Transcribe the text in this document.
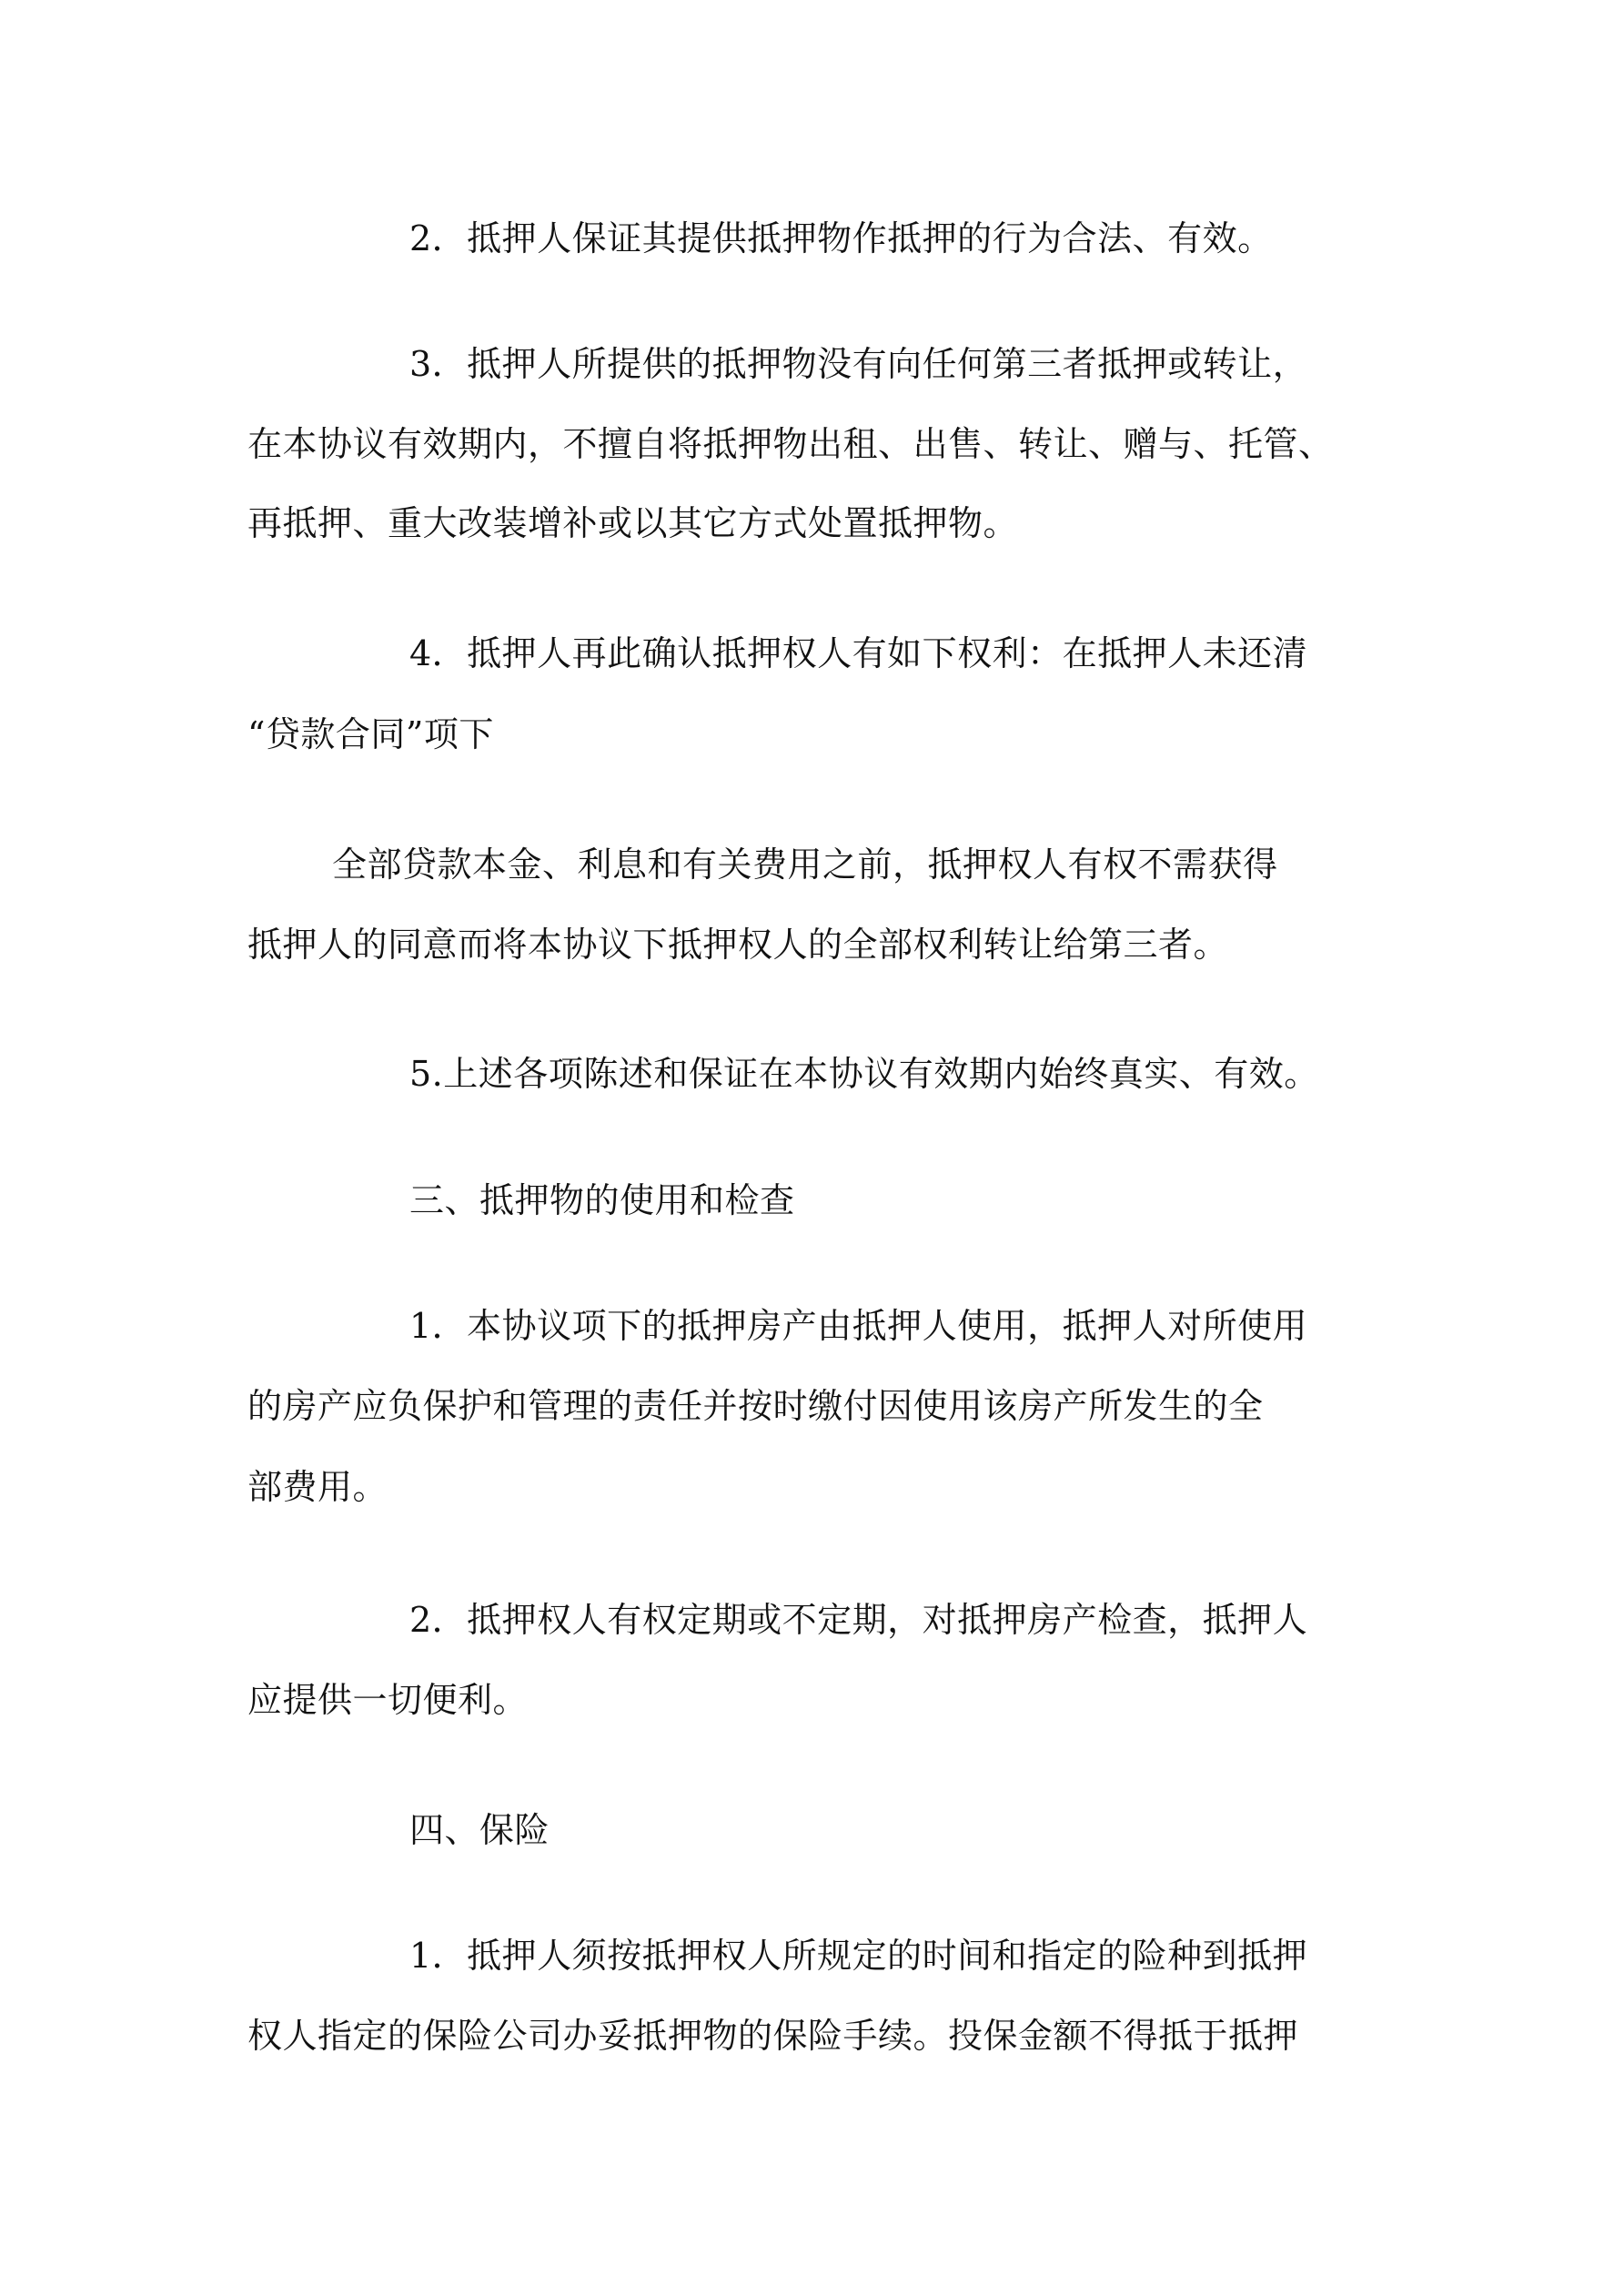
2．抵押人保证其提供抵押物作抵押的行为合法、有效。
3．抵押人所提供的抵押物没有向任何第三者抵押或转让，
在本协议有效期内，不擅自将抵押物出租、出售、转让、赠与、托管、
再抵押、重大改装增补或以其它方式处置抵押物。
4．抵押人再此确认抵押权人有如下权利：在抵押人未还清
“贷款合同”项下
全部贷款本金、利息和有关费用之前，抵押权人有权不需获得
抵押人的同意而将本协议下抵押权人的全部权利转让给第三者。
5.上述各项陈述和保证在本协议有效期内始终真实、有效。
三、抵押物的使用和检查
1．本协议项下的抵押房产由抵押人使用，抵押人对所使用
的房产应负保护和管理的责任并按时缴付因使用该房产所发生的全
部费用。
2．抵押权人有权定期或不定期，对抵押房产检查，抵押人
应提供一切便利。
四、保险
1．抵押人须按抵押权人所规定的时间和指定的险种到抵押
权人指定的保险公司办妥抵押物的保险手续。投保金额不得抵于抵押
